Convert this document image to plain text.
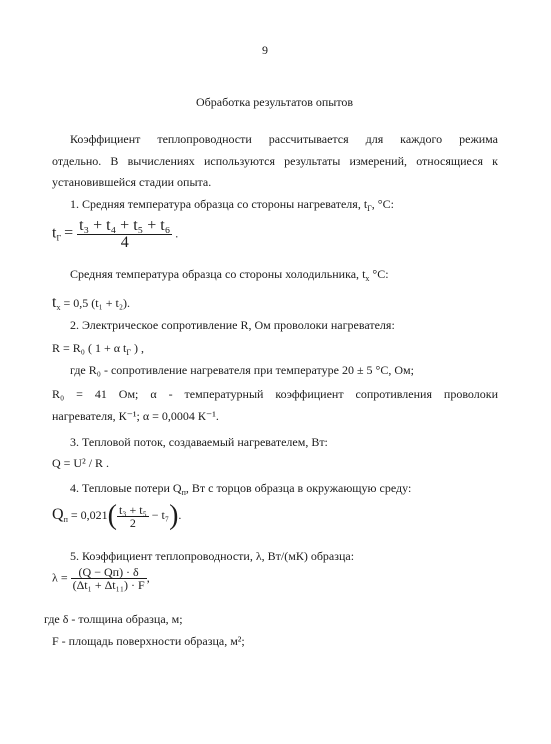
9
Обработка результатов опытов
Коэффициент теплопроводности рассчитывается для каждого режима
отдельно. В вычислениях используются результаты измерений, относящиеся к
установившейся стадии опыта.
1. Средняя температура образца со стороны нагревателя, $t_Г$, °С:
$t_Г = \frac{\text{t₃ + t₄ + t₅ + t₆}}{4}$ .
Средняя температура образца со стороны холодильника, $t_х$ °С:
$t_х = 0,5$ (t₁ + t₂).
2. Электрическое сопротивление R, Ом проволоки нагревателя:
R = R₀ ( 1 + α $t_Г$ ) ,
где R₀ - сопротивление нагревателя при температуре 20 ± 5 °С, Ом;
R₀ = 41 Ом; α - температурный коэффициент сопротивления проволоки
нагревателя, К⁻¹; α = 0,0004 К⁻¹.
3. Тепловой поток, создаваемый нагревателем, Вт:
Q = U² / R .
4. Тепловые потери $Q_п$, Вт с торцов образца в окружающую среду:
$Q_п = 0,021( \frac{\text{t₃ + t₅}}{2} - t_7)$.
5. Коэффициент теплопроводности, λ, Вт/(мК) образца:
$\lambda = \frac{(Q - Qп) \cdot \delta}{\text{(Δt₁ + Δt₁₁) · F}}$ ,
где δ - толщина образца, м;
F - площадь поверхности образца, м²;
